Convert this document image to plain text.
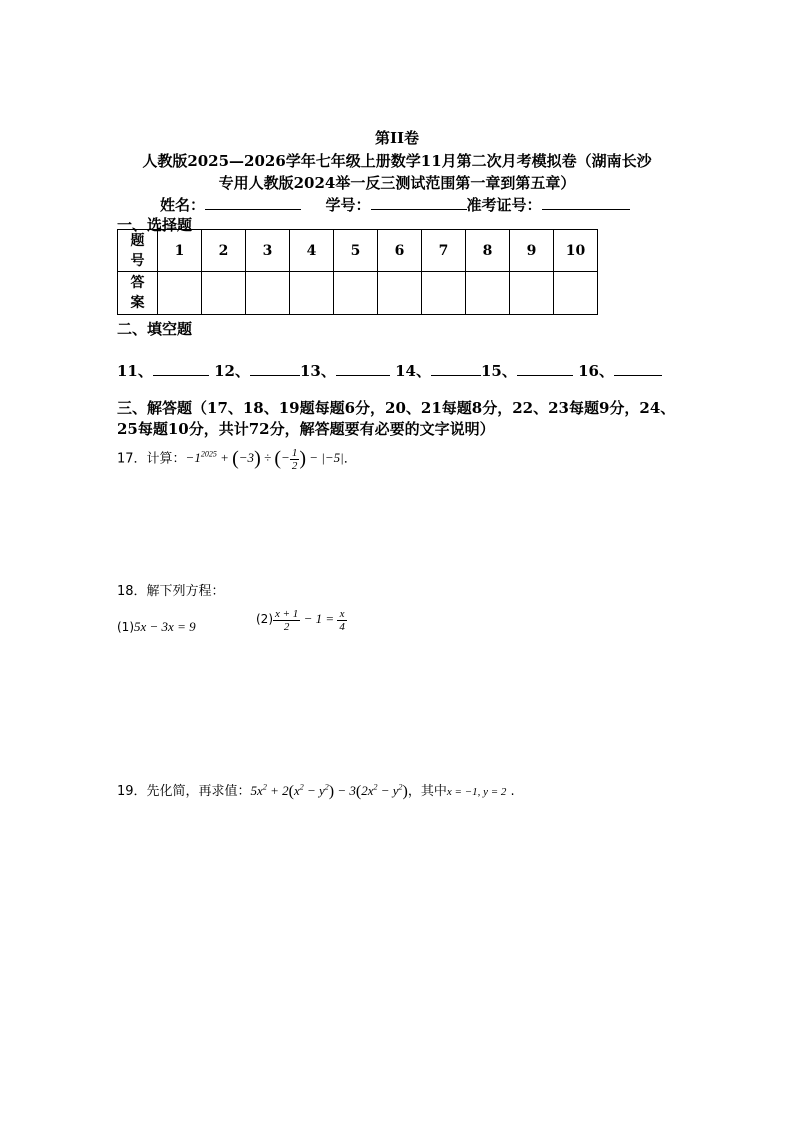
第II卷
人教版2025—2026学年七年级上册数学11月第二次月考模拟卷（湖南长沙
专用人教版2024举一反三测试范围第一章到第五章）
姓名：	学号：	准考证号：
一、选择题
题
号	1	2	3	4	5	6	7	8	9	10

答
案										

二、填空题
11、	12、	13、	14、	15、	16、
三、解答题（17、18、19题每题6分，20、21每题8分，22、23每题9分，24、
25每题10分，共计72分，解答题要有必要的文字说明）
17．计算：$-1^{2025} + (-3)$ ÷ (− $\frac{1}{2}$ ) − |−5|．
18．解下列方程：
(1)5x − 3x = 9
$(2) \frac{x + 1}{2} - 1 = \frac{x}{4}$
19．先化简，再求值：$5x^2 + 2(x^2 - y^2) - 3(2x^2 - y^2)$，其中x = −1, y = 2 .
